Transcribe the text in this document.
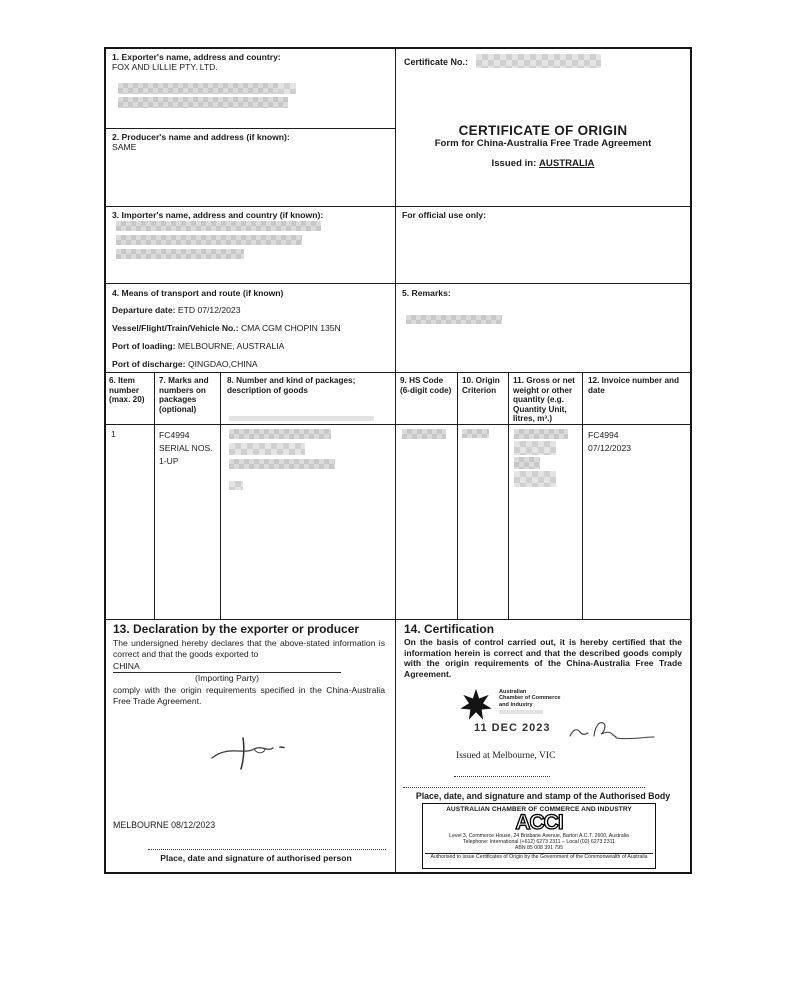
1. Exporter's name, address and country:
FOX AND LILLIE PTY. LTD.
2. Producer's name and address (if known):
SAME
3. Importer's name, address and country (if known):
4. Means of transport and route (if known)
Departure date: ETD 07/12/2023
Vessel/Flight/Train/Vehicle No.: CMA CGM CHOPIN 135N
Port of loading: MELBOURNE, AUSTRALIA
Port of discharge: QINGDAO,CHINA
Certificate No.:
CERTIFICATE OF ORIGIN
Form for China-Australia Free Trade Agreement
Issued in: AUSTRALIA
For official use only:
5. Remarks:
6. Item number (max. 20)
7. Marks and numbers on packages (optional)
8. Number and kind of packages; description of goods
9. HS Code (6-digit code)
10. Origin Criterion
11. Gross or net weight or other quantity (e.g. Quantity Unit, litres, m³.)
12. Invoice number and date
1	FC4994
SERIAL NOS.
1-UP
FC4994
07/12/2023
13. Declaration by the exporter or producer
The undersigned hereby declares that the above-stated information is correct and that the goods exported to
CHINA
(Importing Party)
comply with the origin requirements specified in the China-Australia Free Trade Agreement.
MELBOURNE 08/12/2023
Place, date and signature of authorised person
14. Certification
On the basis of control carried out, it is hereby certified that the information herein is correct and that the described goods comply with the origin requirements of the China-Australia Free Trade Agreement.
Australian
Chamber of Commerce
and Industry
11 DEC 2023
Issued at Melbourne, VIC
Place, date, and signature and stamp of the Authorised Body
AUSTRALIAN CHAMBER OF COMMERCE AND INDUSTRY
ACCI
Level 3, Commerce House, 24 Brisbane Avenue, Barton A.C.T. 2600, Australia
Telephone: International (+612) 6273 2311 – Local (02) 6273 2311
ABN 85 008 391 795
Authorised to issue Certificates of Origin by the Government of the Commonwealth of Australia
